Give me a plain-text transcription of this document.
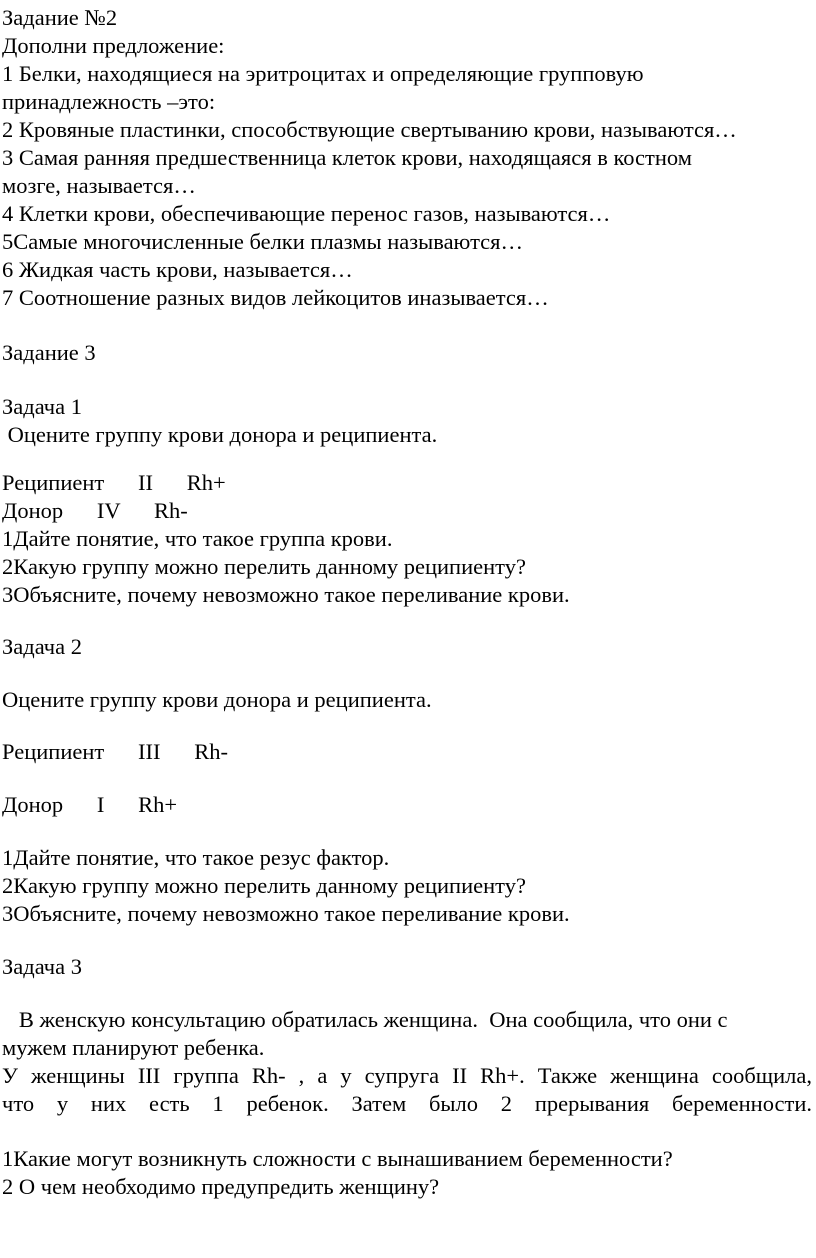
Задание №2
Дополни предложение:
1 Белки, находящиеся на эритроцитах и определяющие групповую
принадлежность –это:
2 Кровяные пластинки, способствующие свертыванию крови, называются…
3 Самая ранняя предшественница клеток крови, находящаяся в костном
мозге, называется…
4 Клетки крови, обеспечивающие перенос газов, называются…
5Самые многочисленные белки плазмы называются…
6 Жидкая часть крови, называется…
7 Соотношение разных видов лейкоцитов иназывается…
Задание 3
Задача 1
Оцените группу крови донора и реципиента.
Реципиент      II      Rh+
Донор      IV      Rh-
1Дайте понятие, что такое группа крови.
2Какую группу можно перелить данному реципиенту?
3Объясните, почему невозможно такое переливание крови.
Задача 2
Оцените группу крови донора и реципиента.
Реципиент      III      Rh-
Донор      I      Rh+
1Дайте понятие, что такое резус фактор.
2Какую группу можно перелить данному реципиенту?
3Объясните, почему невозможно такое переливание крови.
Задача 3
В женскую консультацию обратилась женщина.  Она сообщила, что они с
мужем планируют ребенка.
У женщины III группа Rh- , а у супруга II Rh+. Также женщина сообщила,
что у них есть 1 ребенок. Затем было 2 прерывания беременности.
1Какие могут возникнуть сложности с вынашиванием беременности?
2 О чем необходимо предупредить женщину?
